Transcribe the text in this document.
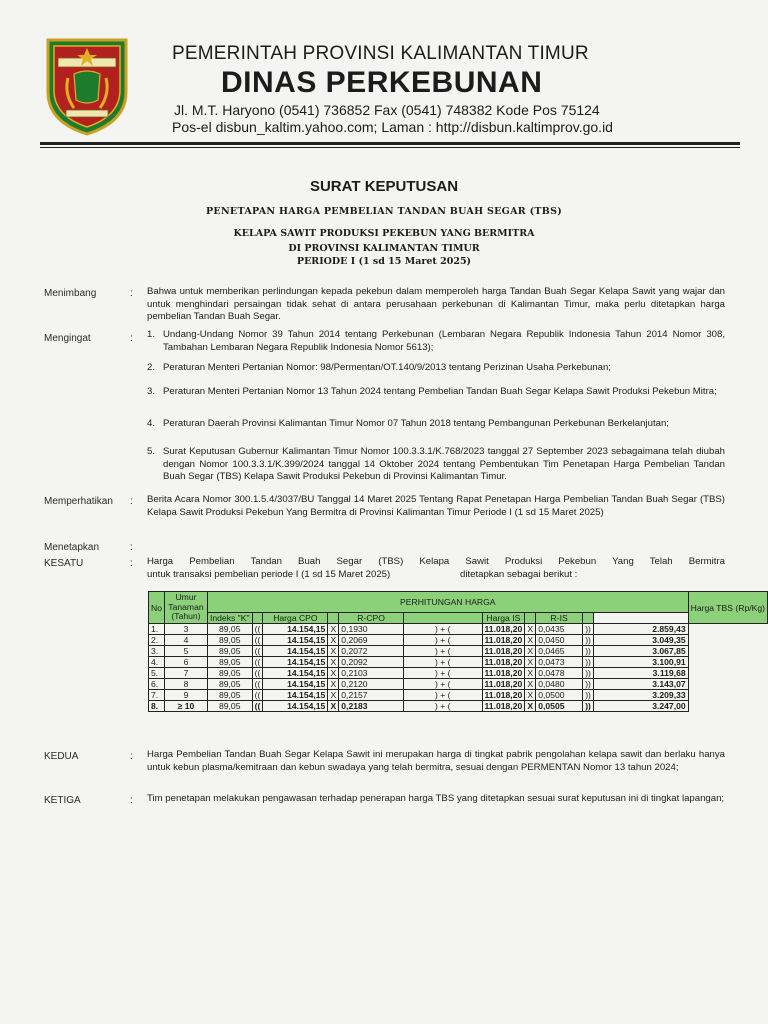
PEMERINTAH PROVINSI KALIMANTAN TIMUR
DINAS PERKEBUNAN
Jl. M.T. Haryono (0541) 736852 Fax (0541) 748382 Kode Pos 75124
Pos-el disbun_kaltim.yahoo.com; Laman : http://disbun.kaltimprov.go.id
SURAT KEPUTUSAN
PENETAPAN HARGA PEMBELIAN TANDAN BUAH SEGAR (TBS)
KELAPA SAWIT PRODUKSI PEKEBUN YANG BERMITRA
DI PROVINSI KALIMANTAN TIMUR
PERIODE I (1 sd 15 Maret 2025)
Menimbang	: Bahwa untuk memberikan perlindungan kepada pekebun dalam memperoleh harga Tandan Buah Segar Kelapa Sawit yang wajar dan untuk menghindari persaingan tidak sehat di antara perusahaan perkebunan di Kalimantan Timur, maka perlu ditetapkan harga pembelian Tandan Buah Segar.
Mengingat	: 1. Undang-Undang Nomor 39 Tahun 2014 tentang Perkebunan (Lembaran Negara Republik Indonesia Tahun 2014 Nomor 308, Tambahan Lembaran Negara Republik Indonesia Nomor 5613);
2. Peraturan Menteri Pertanian Nomor: 98/Permentan/OT.140/9/2013 tentang Perizinan Usaha Perkebunan;
3. Peraturan Menteri Pertanian Nomor 13 Tahun 2024 tentang Pembelian Tandan Buah Segar Kelapa Sawit Produksi Pekebun Mitra;
4. Peraturan Daerah Provinsi Kalimantan Timur Nomor 07 Tahun 2018 tentang Pembangunan Perkebunan Berkelanjutan;
5. Surat Keputusan Gubernur Kalimantan Timur Nomor 100.3.3.1/K.768/2023 tanggal 27 September 2023 sebagaimana telah diubah dengan Nomor 100.3.3.1/K.399/2024 tanggal 14 Oktober 2024 tentang Pembentukan Tim Penetapan Harga Pembelian Tandan Buah Segar (TBS) Kelapa Sawit Produksi Pekebun di Provinsi Kalimantan Timur.
Memperhatikan : Berita Acara Nomor 300.1.5.4/3037/BU Tanggal 14 Maret 2025 Tentang Rapat Penetapan Harga Pembelian Tandan Buah Segar (TBS) Kelapa Sawit Produksi Pekebun Yang Bermitra di Provinsi Kalimantan Timur Periode I (1 sd 15 Maret 2025)
Menetapkan	:
KESATU	: Harga Pembelian Tandan Buah Segar (TBS) Kelapa Sawit Produksi Pekebun Yang Telah Bermitra
untuk transaksi pembelian periode I (1 sd 15 Maret 2025)	ditetapkan sebagai berikut :
No	Umur Tanaman (Tahun)	PERHITUNGAN HARGA											Harga TBS (Rp/Kg)
		Indeks "K"		Harga CPO		R-CPO		Harga IS		R-IS		
1.	3	89,05	((	14.154,15	X	0,1930	) + (	11.018,20	X	0,0435	))	2.859,43	
2.	4	89,05	((	14.154,15	X	0,2069	) + (	11.018,20	X	0,0450	))	3.049,35	
3.	5	89,05	((	14.154,15	X	0,2072	) + (	11.018,20	X	0,0465	))	3.067,85	
4.	6	89,05	((	14.154,15	X	0,2092	) + (	11.018,20	X	0,0473	))	3.100,91	
5.	7	89,05	((	14.154,15	X	0,2103	) + (	11.018,20	X	0,0478	))	3.119,68	
6.	8	89,05	((	14.154,15	X	0,2120	) + (	11.018,20	X	0,0480	))	3.143,07	
7.	9	89,05	((	14.154,15	X	0,2157	) + (	11.018,20	X	0,0500	))	3.209,33	
8.	≥ 10	89,05	((	14.154,15	X	0,2183	) + (	11.018,20	X	0,0505	))	3.247,00	
KEDUA	: Harga Pembelian Tandan Buah Segar Kelapa Sawit ini merupakan harga di tingkat pabrik pengolahan kelapa sawit dan berlaku hanya untuk kebun plasma/kemitraan dan kebun swadaya yang telah bermitra, sesuai dengan PERMENTAN Nomor 13 tahun 2024;
KETIGA	: Tim penetapan melakukan pengawasan terhadap penerapan harga TBS yang ditetapkan sesuai surat keputusan ini di tingkat lapangan;
